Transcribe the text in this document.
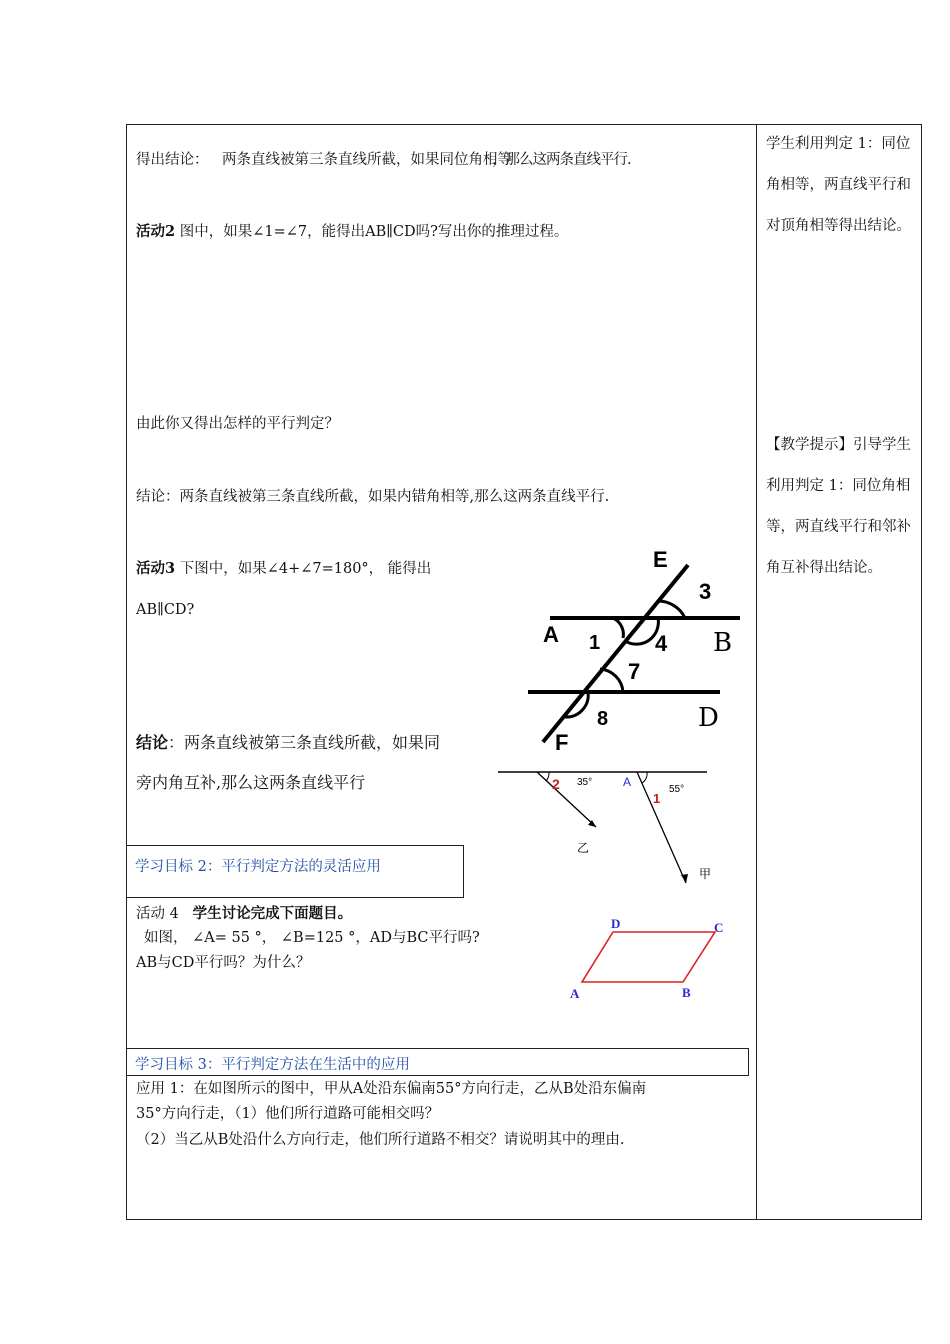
得出结论： 两条直线被第三条直线所截，如果同位角相等
，那么这两条直线平行.
活动2 图中，如果∠1=∠7，能得出AB∥CD吗?写出你的推理过程。
由此你又得出怎样的平行判定？
结论：两条直线被第三条直线所截，如果内错角相等,那么这两条直线平行.
活动3 下图中，如果∠4+∠7=180°， 能得出
AB∥CD?
结论：两条直线被第三条直线所截，如果同
旁内角互补,那么这两条直线平行
学习目标 2：平行判定方法的灵活应用
活动 4 学生讨论完成下面题目。
如图， ∠A= 55 °， ∠B=125 °，AD与BC平行吗?
AB与CD平行吗？为什么？
学习目标 3：平行判定方法在生活中的应用
应用 1：在如图所示的图中，甲从A处沿东偏南55°方向行走，乙从B处沿东偏南
35°方向行走，（1）他们所行道路可能相交吗？
（2）当乙从B处沿什么方向行走，他们所行道路不相交？请说明其中的理由.
学生利用判定 1：同位角相等，两直线平行和对顶角相等得出结论。
【教学提示】引导学生利用判定 1：同位角相等，两直线平行和邻补角互补得出结论。
E
3
A 1 4 B
7
8	D
F
2 35°	A
1
55°
乙
甲
D	C
A	B
